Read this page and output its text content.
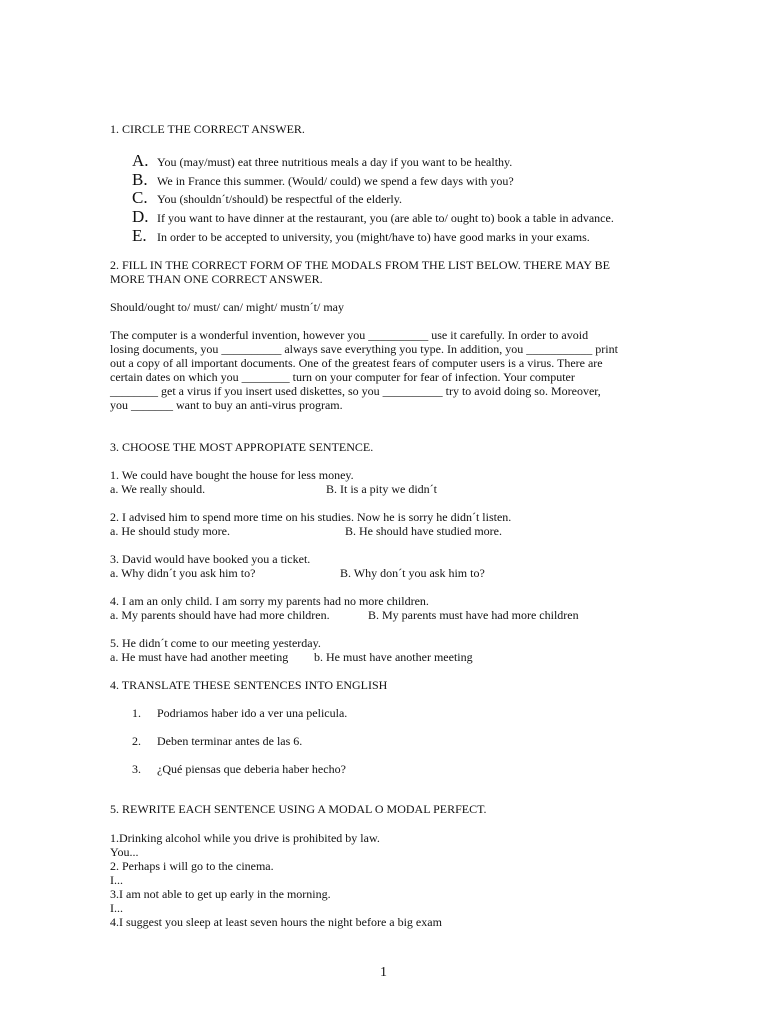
1. CIRCLE THE CORRECT ANSWER.
A. You (may/must) eat three nutritious meals a day if you want to be healthy.
B. We in France this summer. (Would/ could) we spend a few days with you?
C. You (shouldn´t/should) be respectful of the elderly.
D. If you want to have dinner at the restaurant, you (are able to/ ought to) book a table in advance.
E. In order to be accepted to university, you (might/have to) have good marks in your exams.
2. FILL IN THE CORRECT FORM OF THE MODALS FROM THE LIST BELOW. THERE MAY BE
MORE THAN ONE CORRECT ANSWER.
Should/ought to/ must/ can/ might/ mustn´t/ may
The computer is a wonderful invention, however you __________ use it carefully. In order to avoid
losing documents, you __________ always save everything you type. In addition, you ___________ print
out a copy of all important documents. One of the greatest fears of computer users is a virus. There are
certain dates on which you ________ turn on your computer for fear of infection. Your computer
________ get a virus if you insert used diskettes, so you __________ try to avoid doing so. Moreover,
you _______ want to buy an anti-virus program.
3. CHOOSE THE MOST APPROPIATE SENTENCE.
1. We could have bought the house for less money.
a. We really should.	B. It is a pity we didn´t
2. I advised him to spend more time on his studies. Now he is sorry he didn´t listen.
a. He should study more.	B. He should have studied more.
3. David would have booked you a ticket.
a. Why didn´t you ask him to?	B. Why don´t you ask him to?
4. I am an only child. I am sorry my parents had no more children.
a. My parents should have had more children.	B. My parents must have had more children
5. He didn´t come to our meeting yesterday.
a. He must have had another meeting b. He must have another meeting
4. TRANSLATE THESE SENTENCES INTO ENGLISH
1. Podriamos haber ido a ver una pelicula.
2. Deben terminar antes de las 6.
3. ¿Qué piensas que deberia haber hecho?
5. REWRITE EACH SENTENCE USING A MODAL O MODAL PERFECT.
1.Drinking alcohol while you drive is prohibited by law.
You...
2. Perhaps i will go to the cinema.
I...
3.I am not able to get up early in the morning.
I...
4.I suggest you sleep at least seven hours the night before a big exam
1
